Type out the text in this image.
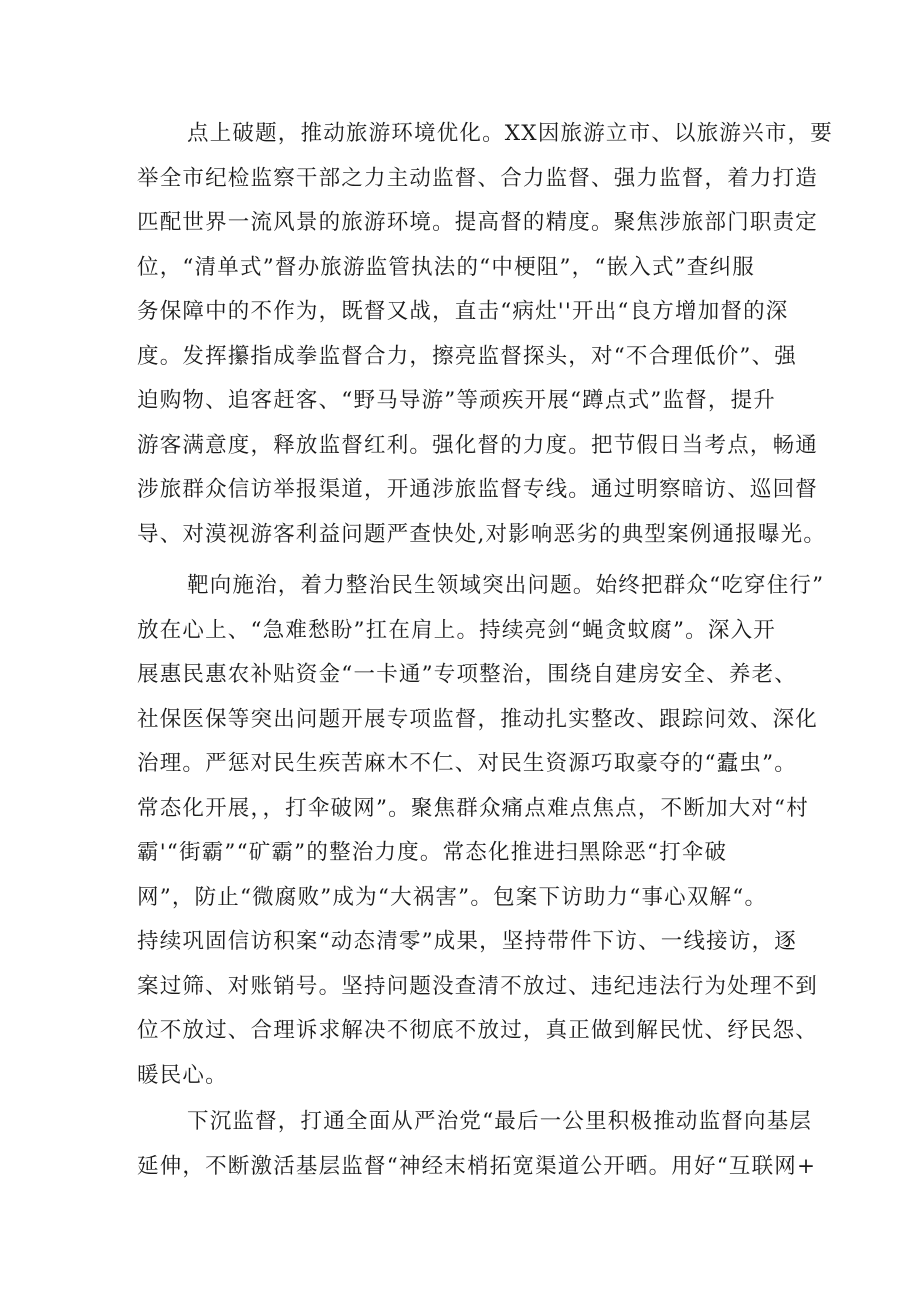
点上破题，推动旅游环境优化。XX因旅游立市、以旅游兴市，要
举全市纪检监察干部之力主动监督、合力监督、强力监督，着力打造
匹配世界一流风景的旅游环境。提高督的精度。聚焦涉旅部门职责定
位，“清单式”督办旅游监管执法的“中梗阻”，“嵌入式”查纠服
务保障中的不作为，既督又战，直击“病灶''开出“良方增加督的深
度。发挥攥指成拳监督合力，擦亮监督探头，对“不合理低价”、强
迫购物、追客赶客、“野马导游”等顽疾开展“蹲点式”监督，提升
游客满意度，释放监督红利。强化督的力度。把节假日当考点，畅通
涉旅群众信访举报渠道，开通涉旅监督专线。通过明察暗访、巡回督
导、对漠视游客利益问题严查快处,对影响恶劣的典型案例通报曝光。
靶向施治，着力整治民生领域突出问题。始终把群众“吃穿住行”
放在心上、“急难愁盼”扛在肩上。持续亮剑“蝇贪蚊腐”。深入开
展惠民惠农补贴资金“一卡通”专项整治，围绕自建房安全、养老、
社保医保等突出问题开展专项监督，推动扎实整改、跟踪问效、深化
治理。严惩对民生疾苦麻木不仁、对民生资源巧取豪夺的“蠹虫”。
常态化开展，，打伞破网”。聚焦群众痛点难点焦点，不断加大对“村
霸'“街霸”“矿霸”的整治力度。常态化推进扫黑除恶“打伞破
网”，防止“微腐败”成为“大祸害”。包案下访助力“事心双解“。
持续巩固信访积案“动态清零”成果，坚持带件下访、一线接访，逐
案过筛、对账销号。坚持问题没查清不放过、违纪违法行为处理不到
位不放过、合理诉求解决不彻底不放过，真正做到解民忧、纾民怨、
暖民心。
下沉监督，打通全面从严治党“最后一公里积极推动监督向基层
延伸，不断激活基层监督“神经末梢拓宽渠道公开晒。用好“互联网+
